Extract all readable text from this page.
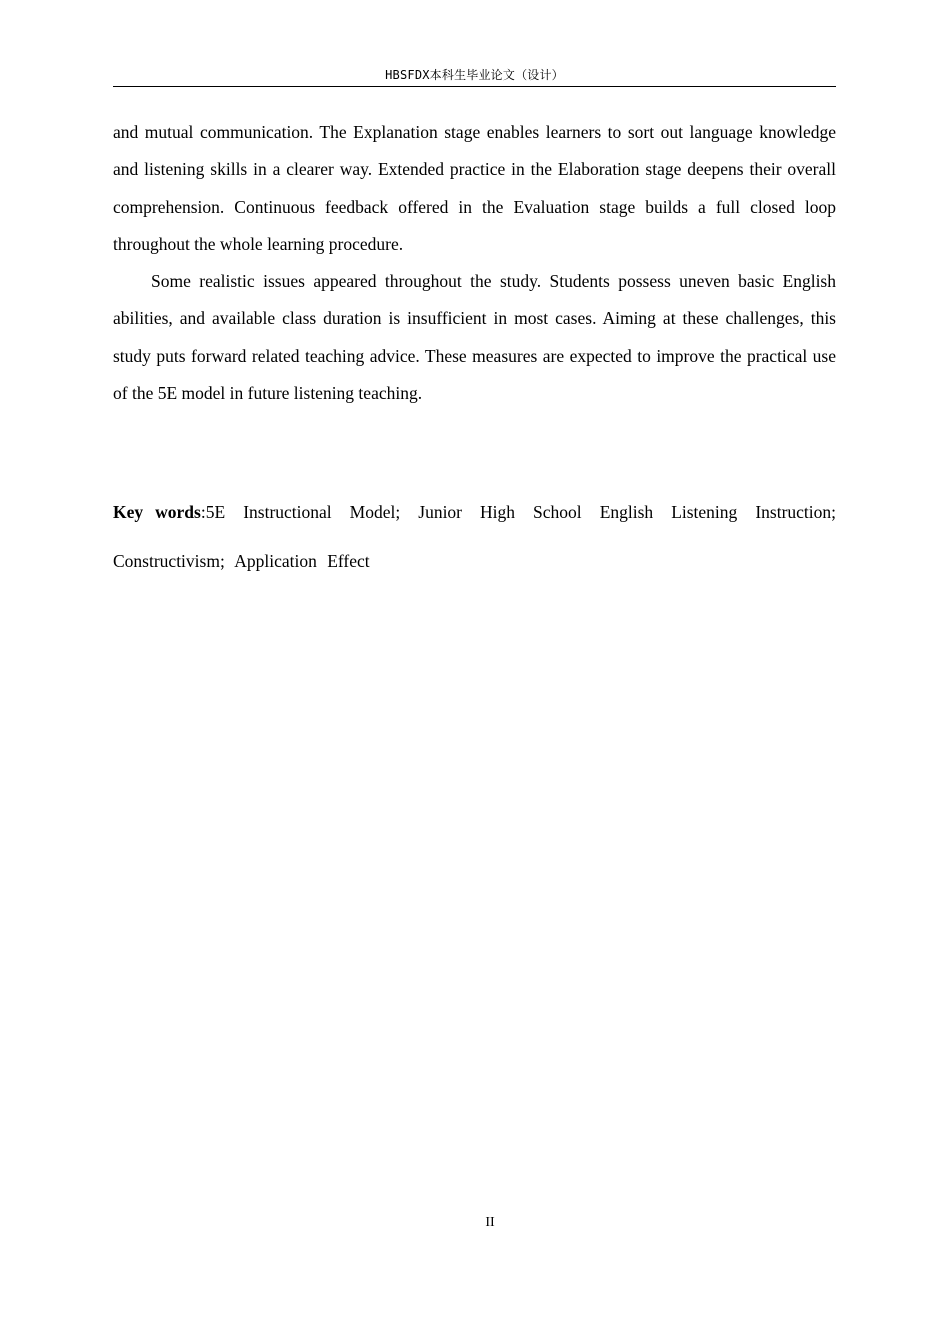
HBSFDX本科生毕业论文（设计）

and mutual communication. The Explanation stage enables learners to sort out language knowledge and listening skills in a clearer way. Extended practice in the Elaboration stage deepens their overall comprehension. Continuous feedback offered in the Evaluation stage builds a full closed loop throughout the whole learning procedure.

Some realistic issues appeared throughout the study. Students possess uneven basic English abilities, and available class duration is insufficient in most cases. Aiming at these challenges, this study puts forward related teaching advice. These measures are expected to improve the practical use of the 5E model in future listening teaching.

Key words:5E Instructional Model; Junior High School English Listening Instruction; Constructivism; Application Effect
II
